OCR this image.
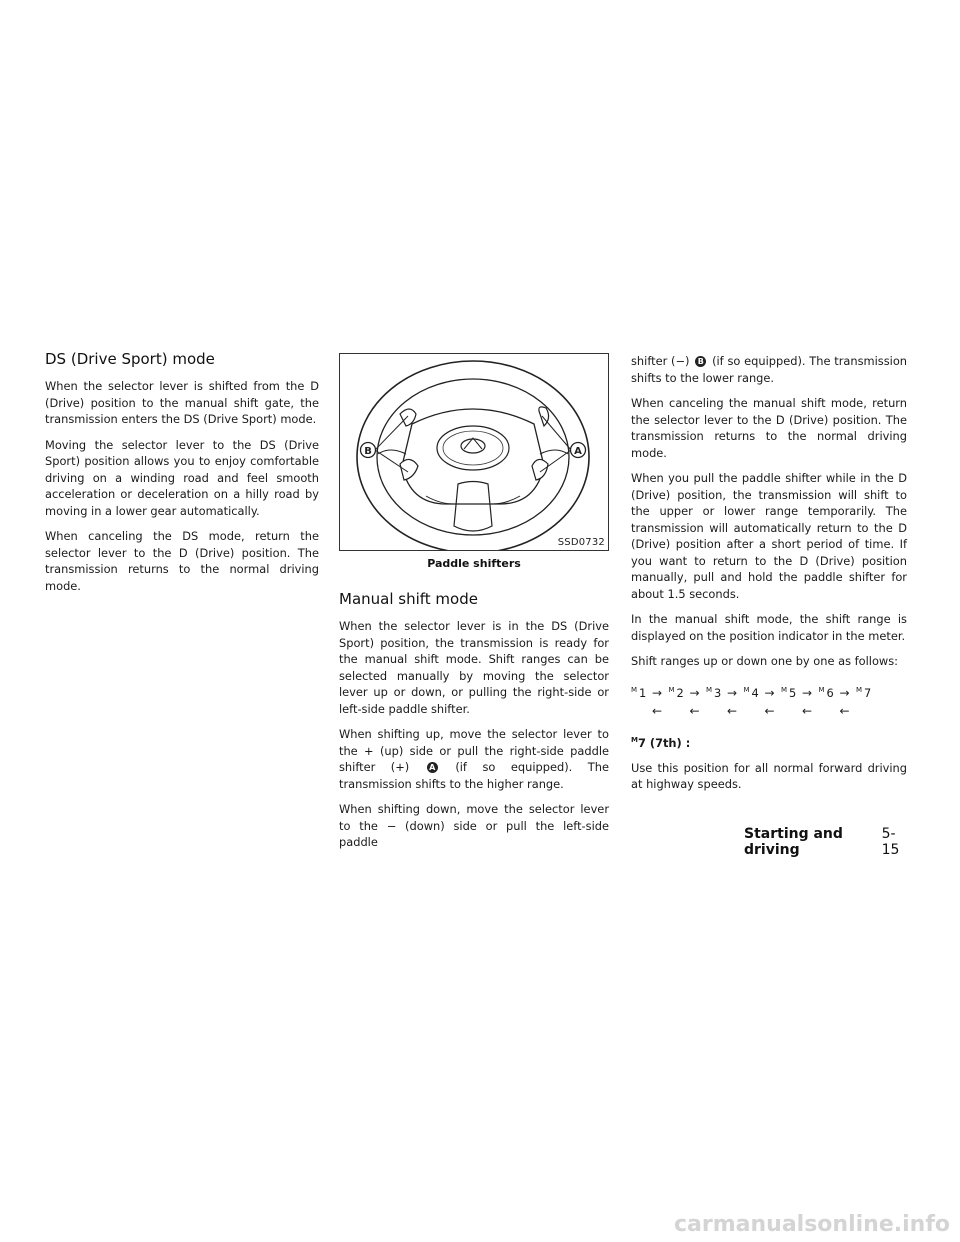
DS (Drive Sport) mode

When the selector lever is shifted from the D (Drive) position to the manual shift gate, the transmission enters the DS (Drive Sport) mode.

Moving the selector lever to the DS (Drive Sport) position allows you to enjoy comfortable driving on a winding road and feel smooth acceleration or deceleration on a hilly road by moving in a lower gear automatically.

When canceling the DS mode, return the selector lever to the D (Drive) position. The transmission returns to the normal driving mode.

B	A
SSD0732
Paddle shifters
Manual shift mode

When the selector lever is in the DS (Drive Sport) position, the transmission is ready for the manual shift mode. Shift ranges can be selected manually by moving the selector lever up or down, or pulling the right-side or left-side paddle shifter.

When shifting up, move the selector lever to the + (up) side or pull the right-side paddle shifter (+) A (if so equipped). The transmission shifts to the higher range.

When shifting down, move the selector lever to the − (down) side or pull the left-side paddle

shifter (−) B (if so equipped). The transmission shifts to the lower range.

When canceling the manual shift mode, return the selector lever to the D (Drive) position. The transmission returns to the normal driving mode.

When you pull the paddle shifter while in the D (Drive) position, the transmission will shift to the upper or lower range temporarily. The transmission will automatically return to the D (Drive) position after a short period of time. If you want to return to the D (Drive) position manually, pull and hold the paddle shifter for about 1.5 seconds.

In the manual shift mode, the shift range is displayed on the position indicator in the meter.

Shift ranges up or down one by one as follows:

$^M$ 1 →
←
$^M$ 2 →
←
$^M$ 3 →
←
$^M$ 4 →
←
$^M$ 5 →
←
$^M$ 6 →
←
$^M$ 7
$^M$7 (7th) :

Use this position for all normal forward driving at highway speeds.

Starting and driving
5-15
carmanualsonline.info
